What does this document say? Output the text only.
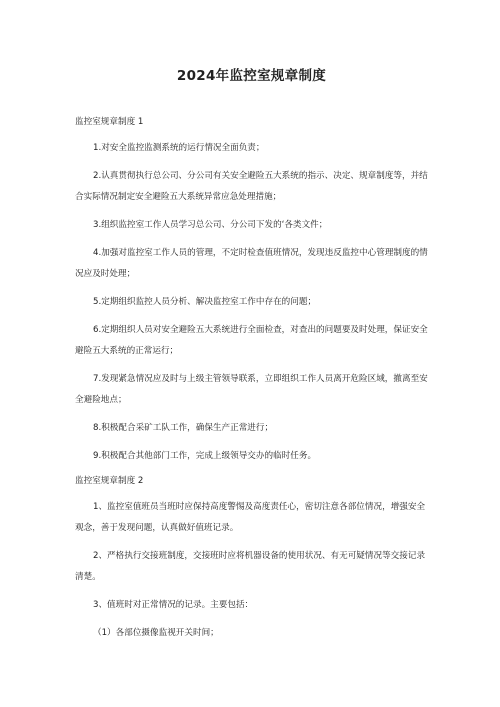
2024年监控室规章制度
监控室规章制度 1

1.对安全监控监测系统的运行情况全面负责；

2.认真贯彻执行总公司、分公司有关安全避险五大系统的指示、决定、规章制度等，并结合实际情况制定安全避险五大系统异常应急处理措施；

3.组织监控室工作人员学习总公司、分公司下发的‘各类文件；

4.加强对监控室工作人员的管理，不定时检查值班情况，发现违反监控中心管理制度的情况应及时处理；

5.定期组织监控人员分析、解决监控室工作中存在的问题；

6.定期组织人员对安全避险五大系统进行全面检查，对查出的问题要及时处理，保证安全避险五大系统的正常运行；

7.发现紧急情况应及时与上级主管领导联系，立即组织工作人员离开危险区域，撤离至安全避险地点；

8.积极配合采矿工队工作，确保生产正常进行；

9.积极配合其他部门工作，完成上级领导交办的临时任务。

监控室规章制度 2

1、监控室值班员当班时应保持高度警惕及高度责任心，密切注意各部位情况，增强安全观念，善于发现问题，认真做好值班记录。

2、严格执行交接班制度，交接班时应将机器设备的使用状况、有无可疑情况等交接记录清楚。

3、值班时对正常情况的记录。主要包括：

（1）各部位摄像监视开关时间；
